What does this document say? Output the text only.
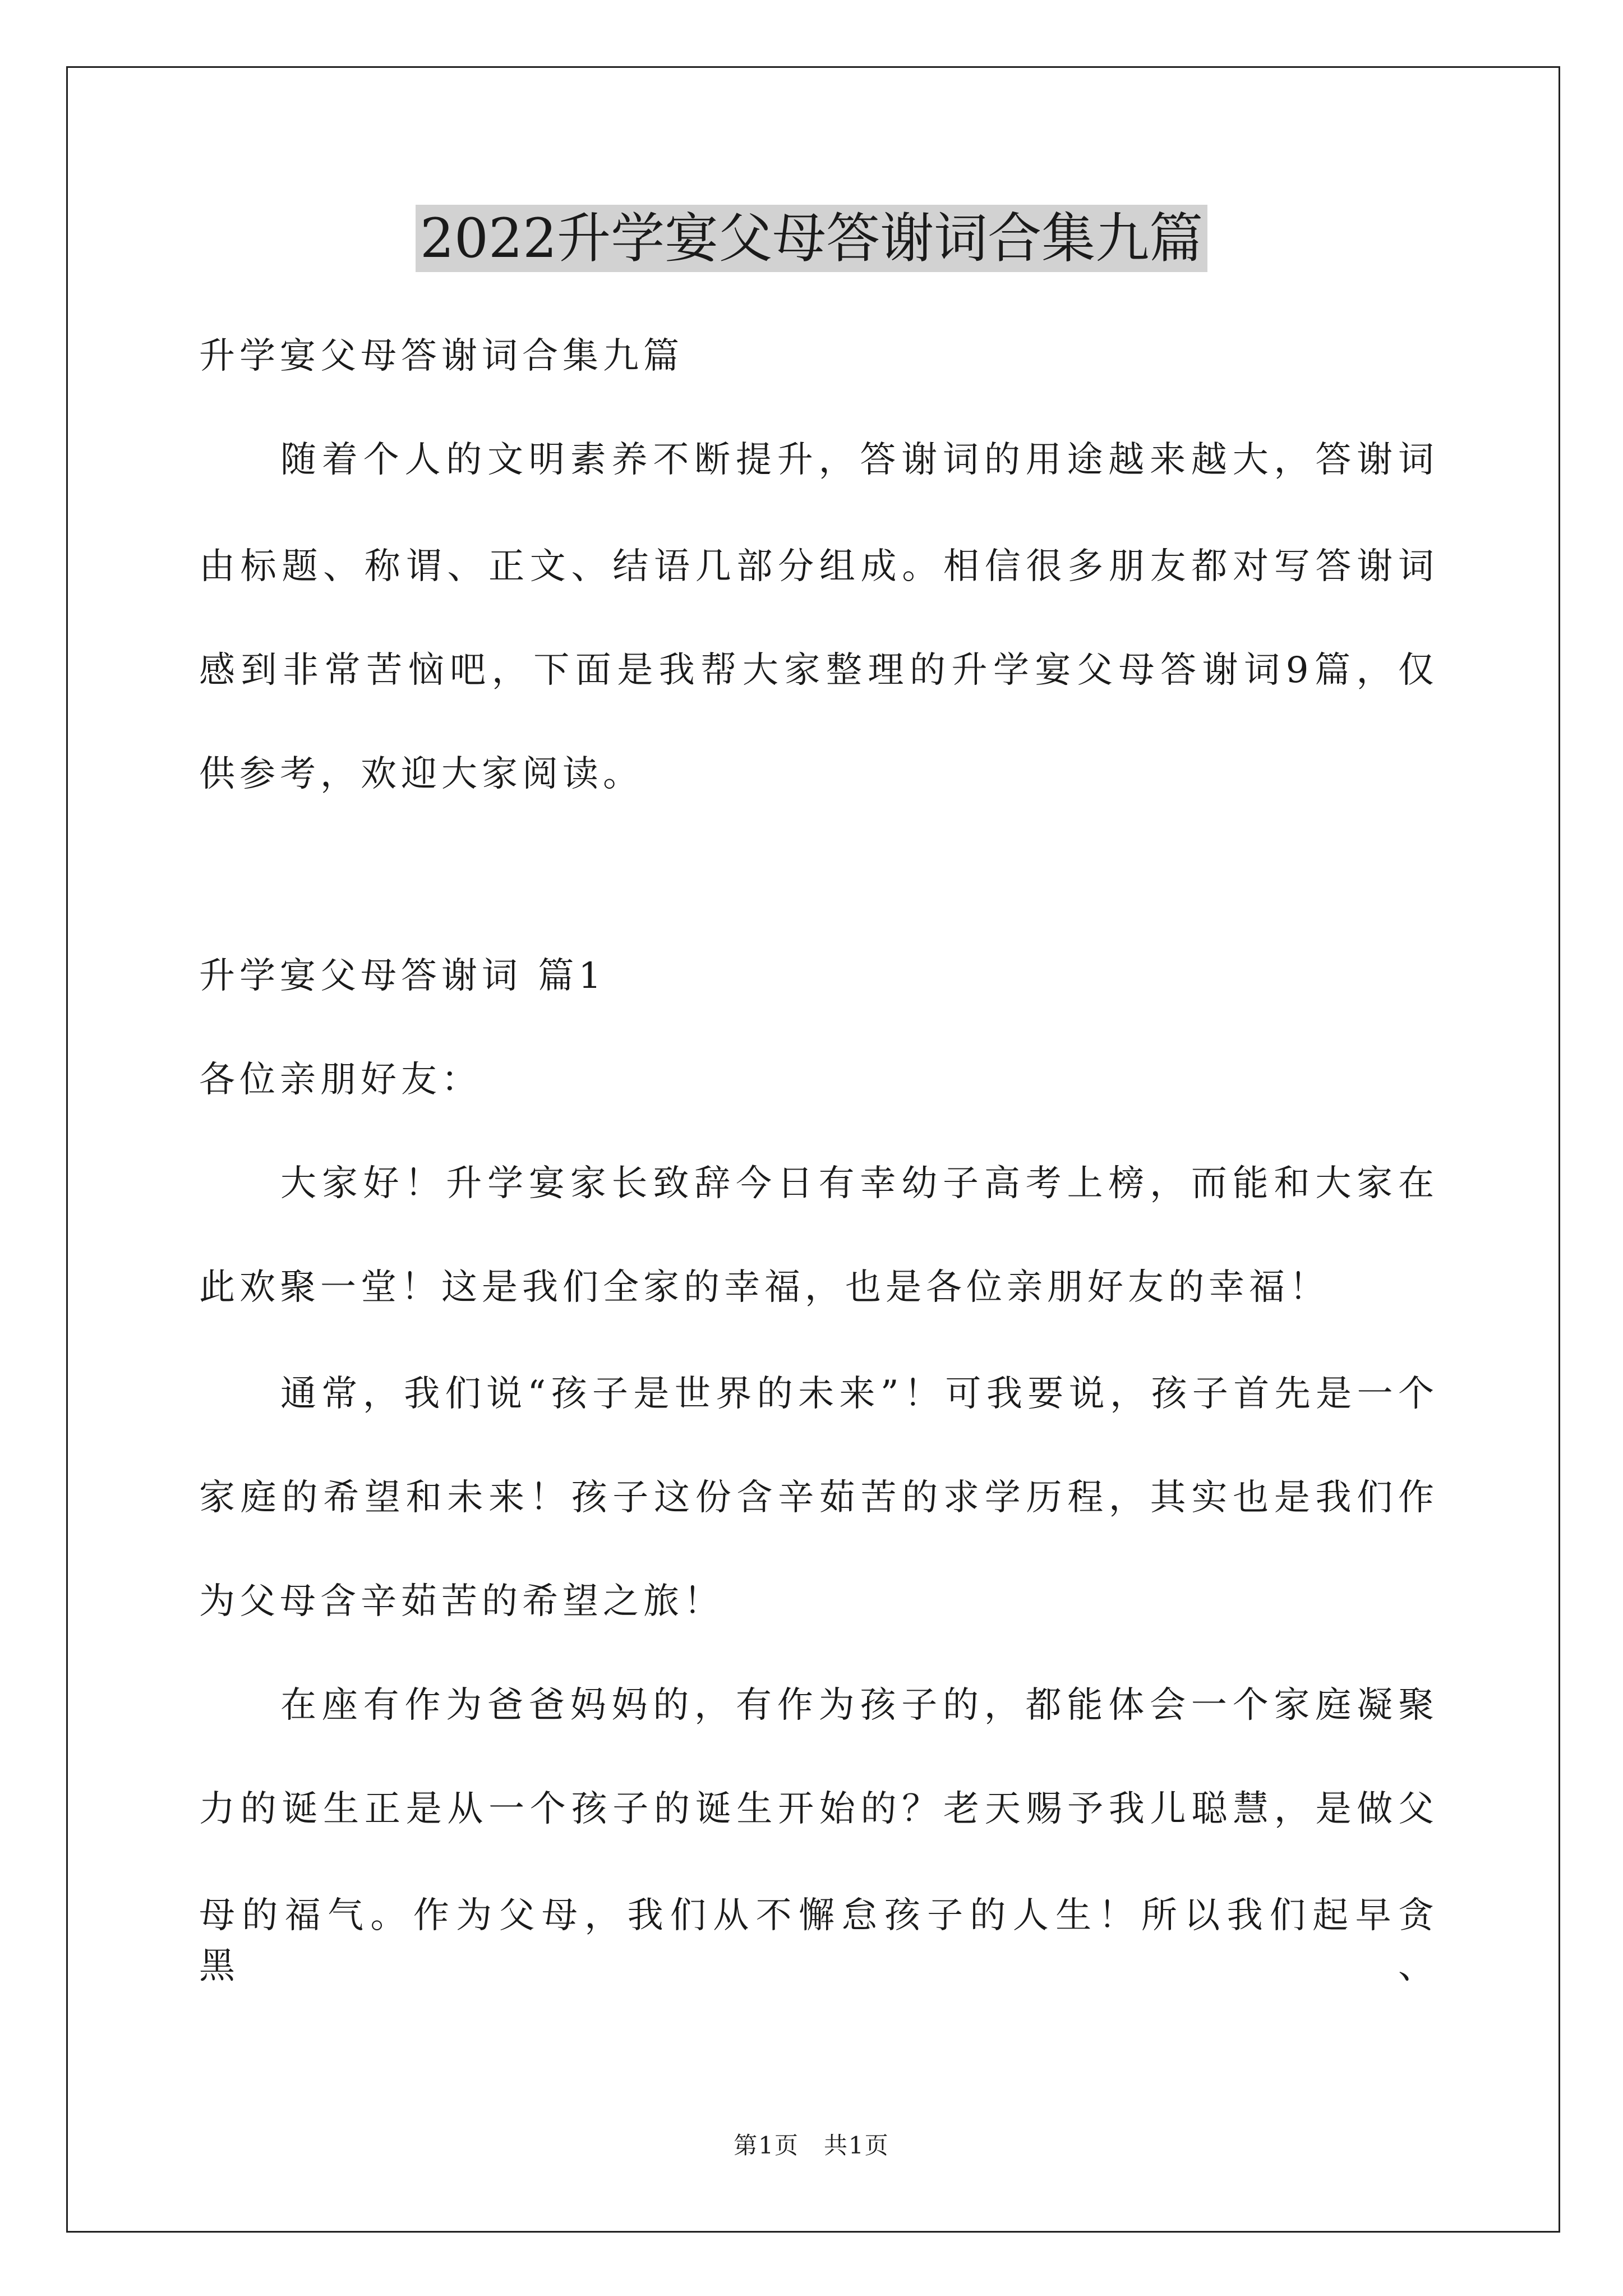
2022升学宴父母答谢词合集九篇
升学宴父母答谢词合集九篇
随着个人的文明素养不断提升，答谢词的用途越来越大，答谢词
由标题、称谓、正文、结语几部分组成。相信很多朋友都对写答谢词
感到非常苦恼吧，下面是我帮大家整理的升学宴父母答谢词9篇，仅
供参考，欢迎大家阅读。
升学宴父母答谢词 篇1
各位亲朋好友：
大家好！升学宴家长致辞今日有幸幼子高考上榜，而能和大家在
此欢聚一堂！这是我们全家的幸福，也是各位亲朋好友的幸福！
通常，我们说“孩子是世界的未来”！可我要说，孩子首先是一个
家庭的希望和未来！孩子这份含辛茹苦的求学历程，其实也是我们作
为父母含辛茹苦的希望之旅！
在座有作为爸爸妈妈的，有作为孩子的，都能体会一个家庭凝聚
力的诞生正是从一个孩子的诞生开始的？老天赐予我儿聪慧，是做父
母的福气。作为父母，我们从不懈怠孩子的人生！所以我们起早贪黑、
第1页　共1页
